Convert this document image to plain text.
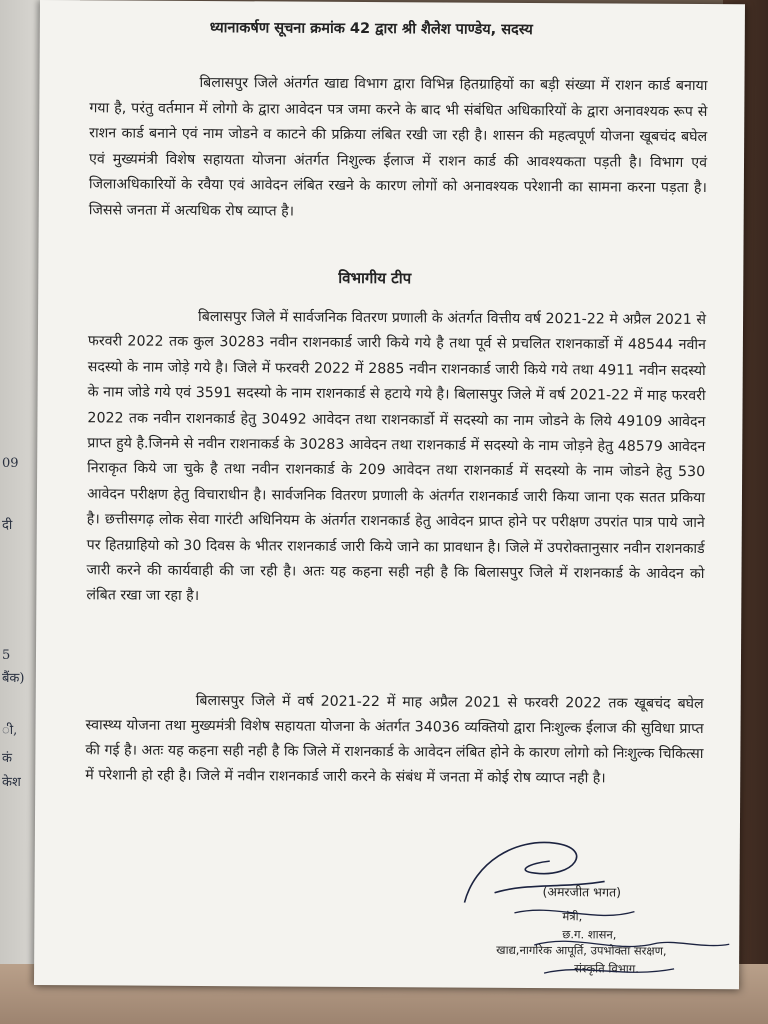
09
दी
5
बैंक)
ी,
कं
केश
ध्यानाकर्षण सूचना क्रमांक 42 द्वारा श्री शैलेश पाण्डेय, सदस्य
बिलासपुर जिले अंतर्गत खाद्य विभाग द्वारा विभिन्न हितग्राहियों का बड़ी संख्या में राशन कार्ड बनाया गया है, परंतु वर्तमान में लोगो के द्वारा आवेदन पत्र जमा करने के बाद भी संबंधित अधिकारियों के द्वारा अनावश्यक रूप से राशन कार्ड बनाने एवं नाम जोडने व काटने की प्रक्रिया लंबित रखी जा रही है। शासन की महत्वपूर्ण योजना खूबचंद बघेल एवं मुख्यमंत्री विशेष सहायता योजना अंतर्गत निशुल्क ईलाज में राशन कार्ड की आवश्यकता पड़ती है। विभाग एवं जिलाअधिकारियों के रवैया एवं आवेदन लंबित रखने के कारण लोगों को अनावश्यक परेशानी का सामना करना पड़ता है। जिससे जनता में अत्यधिक रोष व्याप्त है।
विभागीय टीप
बिलासपुर जिले में सार्वजनिक वितरण प्रणाली के अंतर्गत वित्तीय वर्ष 2021-22 मे अप्रैल 2021 से फरवरी 2022 तक कुल 30283 नवीन राशनकार्ड जारी किये गये है तथा पूर्व से प्रचलित राशनकार्डो में 48544 नवीन सदस्यो के नाम जोड़े गये है। जिले में फरवरी 2022 में 2885 नवीन राशनकार्ड जारी किये गये तथा 4911 नवीन सदस्यो के नाम जोडे गये एवं 3591 सदस्यो के नाम राशनकार्ड से हटाये गये है। बिलासपुर जिले में वर्ष 2021-22 में माह फरवरी 2022 तक नवीन राशनकार्ड हेतु 30492 आवेदन तथा राशनकार्डो में सदस्यो का नाम जोडने के लिये 49109 आवेदन प्राप्त हुये है.जिनमे से नवीन राशनाकर्ड के 30283 आवेदन तथा राशनकार्ड में सदस्यो के नाम जोड़ने हेतु 48579 आवेदन निराकृत किये जा चुके है तथा नवीन राशनकार्ड के 209 आवेदन तथा राशनकार्ड में सदस्यो के नाम जोडने हेतु 530 आवेदन परीक्षण हेतु विचाराधीन है। सार्वजनिक वितरण प्रणाली के अंतर्गत राशनकार्ड जारी किया जाना एक सतत प्रकिया है। छत्तीसगढ़ लोक सेवा गारंटी अधिनियम के अंतर्गत राशनकार्ड हेतु आवेदन प्राप्त होने पर परीक्षण उपरांत पात्र पाये जाने पर हितग्राहियो को 30 दिवस के भीतर राशनकार्ड जारी किये जाने का प्रावधान है। जिले में उपरोक्तानुसार नवीन राशनकार्ड जारी करने की कार्यवाही की जा रही है। अतः यह कहना सही नही है कि बिलासपुर जिले में राशनकार्ड के आवेदन को लंबित रखा जा रहा है।
बिलासपुर जिले में वर्ष 2021-22 में माह अप्रैल 2021 से फरवरी 2022 तक खूबचंद बघेल स्वास्थ्य योजना तथा मुख्यमंत्री विशेष सहायता योजना के अंतर्गत 34036 व्यक्तियो द्वारा निःशुल्क ईलाज की सुविधा प्राप्त की गई है। अतः यह कहना सही नही है कि जिले में राशनकार्ड के आवेदन लंबित होने के कारण लोगो को निःशुल्क चिकित्सा में परेशानी हो रही है। जिले में नवीन राशनकार्ड जारी करने के संबंध में जनता में कोई रोष व्याप्त नही है।
(अमरजीत भगत)
मंत्री,
छ.ग. शासन,
खाद्य,नागरिक आपूर्ति, उपभोक्ता संरक्षण,
संस्कृति विभाग.
